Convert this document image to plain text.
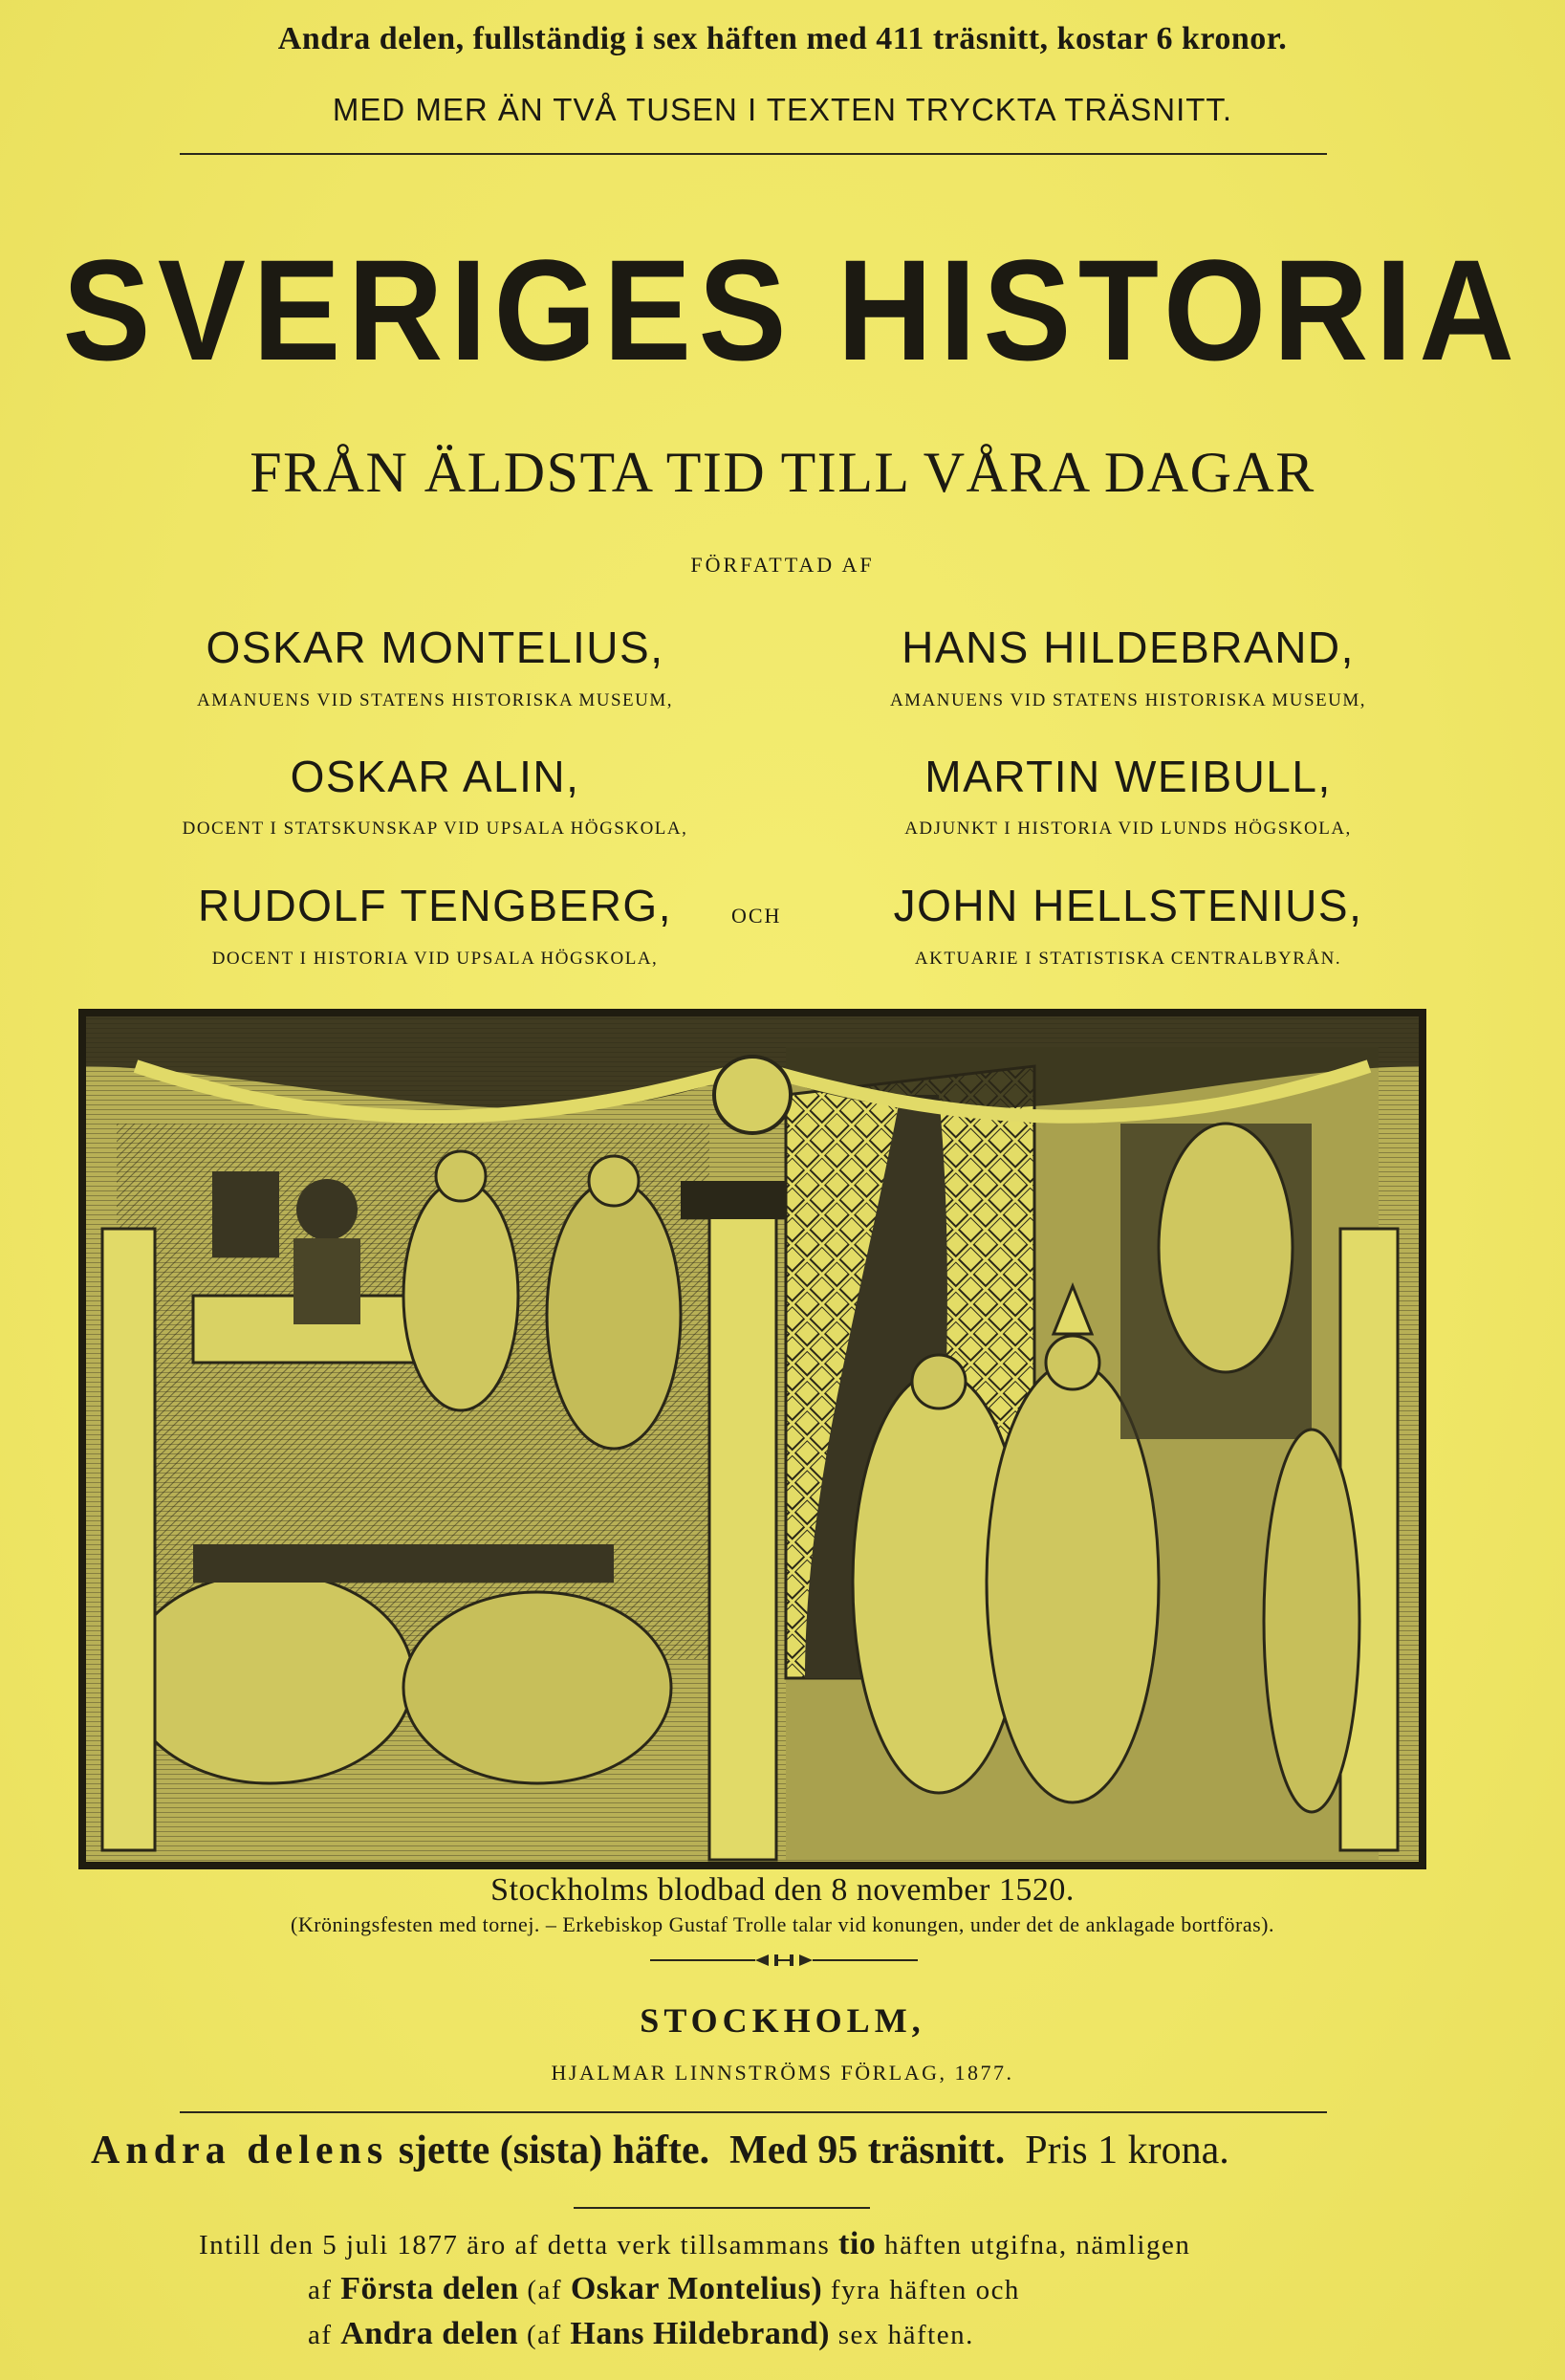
Andra delen, fullständig i sex häften med 411 träsnitt, kostar 6 kronor.
MED MER ÄN TVÅ TUSEN I TEXTEN TRYCKTA TRÄSNITT.
SVERIGES HISTORIA
FRÅN ÄLDSTA TID TILL VÅRA DAGAR
FÖRFATTAD AF
OSKAR MONTELIUS,
AMANUENS VID STATENS HISTORISKA MUSEUM,
HANS HILDEBRAND,
AMANUENS VID STATENS HISTORISKA MUSEUM,
OSKAR ALIN,
DOCENT I STATSKUNSKAP VID UPSALA HÖGSKOLA,
MARTIN WEIBULL,
ADJUNKT I HISTORIA VID LUNDS HÖGSKOLA,
RUDOLF TENGBERG,
DOCENT I HISTORIA VID UPSALA HÖGSKOLA,
OCH	JOHN HELLSTENIUS,
AKTUARIE I STATISTISKA CENTRALBYRÅN.
Stockholms blodbad den 8 november 1520.
(Kröningsfesten med tornej. – Erkebiskop Gustaf Trolle talar vid konungen, under det de anklagade bortföras).
STOCKHOLM,
HJALMAR LINNSTRÖMS FÖRLAG, 1877.
Andra delens sjette (sista) häfte. Med 95 träsnitt. Pris 1 krona.
Intill den 5 juli 1877 äro af detta verk tillsammans tio häften utgifna, nämligen
af Första delen (af Oskar Montelius) fyra häften och
af Andra delen (af Hans Hildebrand) sex häften.
